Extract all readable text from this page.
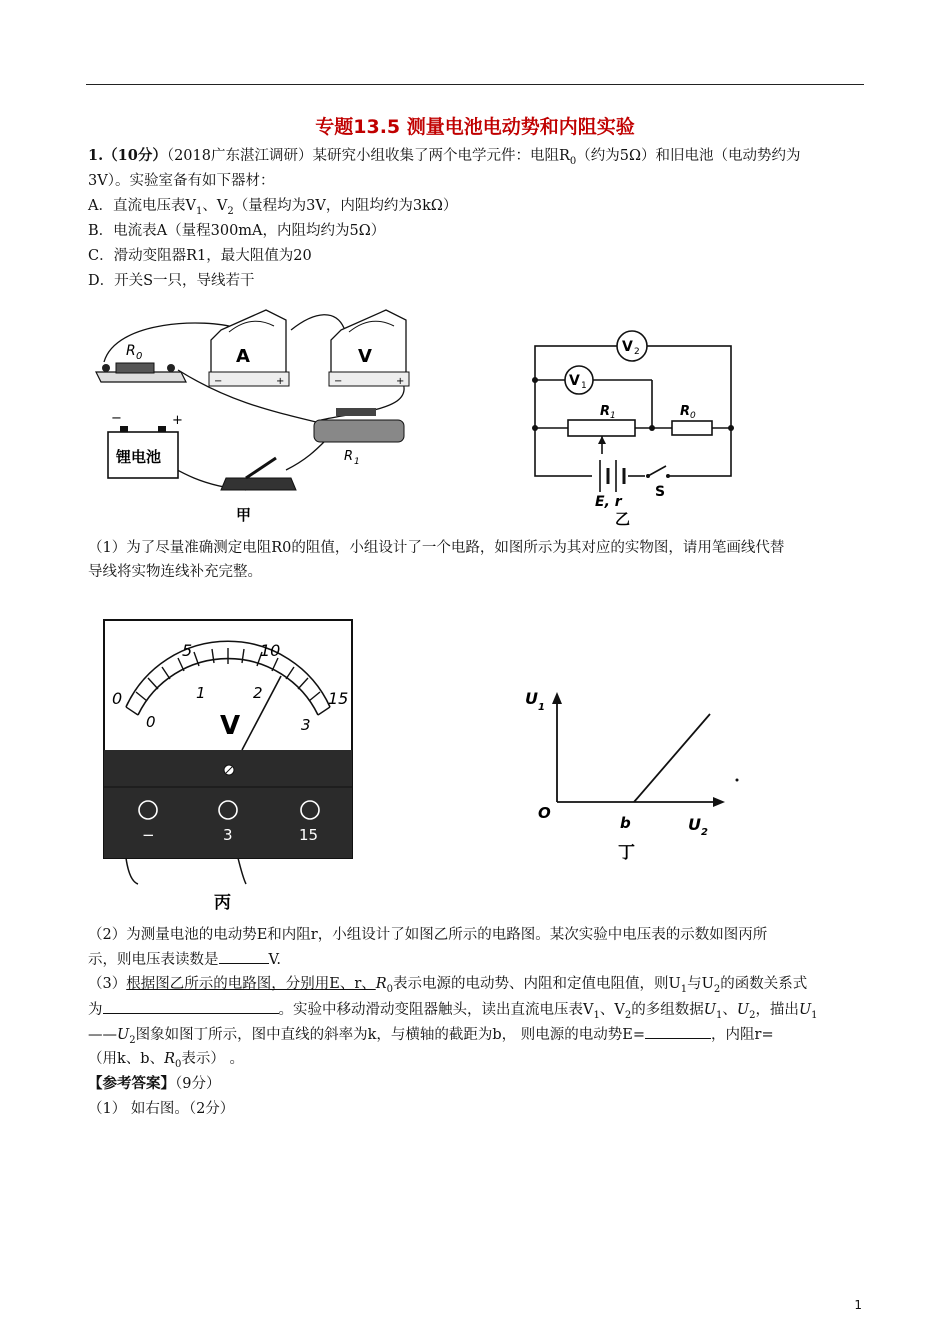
专题13.5 测量电池电动势和内阻实验
1.（10分）（2018广东湛江调研）某研究小组收集了两个电学元件：电阻$R_0$（约为5Ω）和旧电池（电动势约为
3V）。实验室备有如下器材：
A．直流电压表$V_1$、$V_2$（量程均为3V，内阻均约为3kΩ）
B．电流表A（量程300mA，内阻均约为5Ω）
C．滑动变阻器R1，最大阻值为20
D．开关S一只，导线若干
R 0	A
−	+
V
−	+
锂电池
−	+
R 1
甲
V 2
V 1
R 1	R 0
E, r
S
乙
（1）为了尽量准确测定电阻R0的阻值，小组设计了一个电路，如图所示为其对应的实物图，请用笔画线代替
导线将实物连线补充完整。
0
5	10
15
0
1	2
3
V
−	3	15
丙
U 1
U 2
O
b
丁
（2）为测量电池的电动势E和内阻r，小组设计了如图乙所示的电路图。某次实验中电压表的示数如图丙所
示，则电压表读数是	V.
（3）根据图乙所示的电路图，分别用E、r、$R_0$表示电源的电动势、内阻和定值电阻值，则$U_1$与$U_2$的函数关系式
为	。实验中移动滑动变阻器触头，读出直流电压表$V_1$、$V_2$的多组数据$U_1$、$U_2$，描出$U_1$
$——U_2$图象如图丁所示，图中直线的斜率为k，与横轴的截距为b， 则电源的电动势E=	，内阻r=
（用k、b、$R_0$表示） 。
【参考答案】（9分）
（1） 如右图。（2分）
1
